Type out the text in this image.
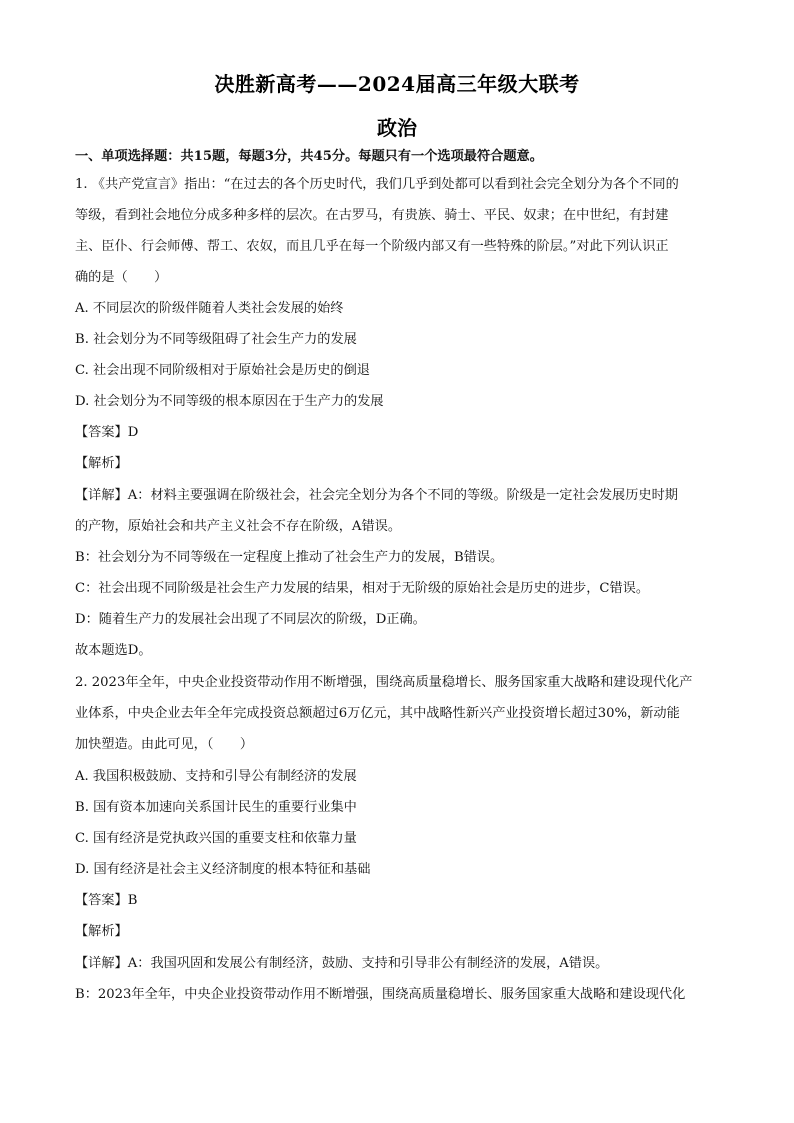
决胜新高考——2024届高三年级大联考
政治
一、单项选择题：共15题，每题3分，共45分。每题只有一个选项最符合题意。
1. 《共产党宣言》指出：“在过去的各个历史时代，我们几乎到处都可以看到社会完全划分为各个不同的
等级，看到社会地位分成多种多样的层次。在古罗马，有贵族、骑士、平民、奴隶；在中世纪，有封建
主、臣仆、行会师傅、帮工、农奴，而且几乎在每一个阶级内部又有一些特殊的阶层。”对此下列认识正
确的是（　　）
A. 不同层次的阶级伴随着人类社会发展的始终
B. 社会划分为不同等级阻碍了社会生产力的发展
C. 社会出现不同阶级相对于原始社会是历史的倒退
D. 社会划分为不同等级的根本原因在于生产力的发展
【答案】D
【解析】
【详解】A：材料主要强调在阶级社会，社会完全划分为各个不同的等级。阶级是一定社会发展历史时期
的产物，原始社会和共产主义社会不存在阶级，A错误。
B：社会划分为不同等级在一定程度上推动了社会生产力的发展，B错误。
C：社会出现不同阶级是社会生产力发展的结果，相对于无阶级的原始社会是历史的进步，C错误。
D：随着生产力的发展社会出现了不同层次的阶级，D正确。
故本题选D。
2. 2023年全年，中央企业投资带动作用不断增强，围绕高质量稳增长、服务国家重大战略和建设现代化产
业体系，中央企业去年全年完成投资总额超过6万亿元，其中战略性新兴产业投资增长超过30%，新动能
加快塑造。由此可见，（　　）
A. 我国积极鼓励、支持和引导公有制经济的发展
B. 国有资本加速向关系国计民生的重要行业集中
C. 国有经济是党执政兴国的重要支柱和依靠力量
D. 国有经济是社会主义经济制度的根本特征和基础
【答案】B
【解析】
【详解】A：我国巩固和发展公有制经济，鼓励、支持和引导非公有制经济的发展，A错误。
B：2023年全年，中央企业投资带动作用不断增强，围绕高质量稳增长、服务国家重大战略和建设现代化
